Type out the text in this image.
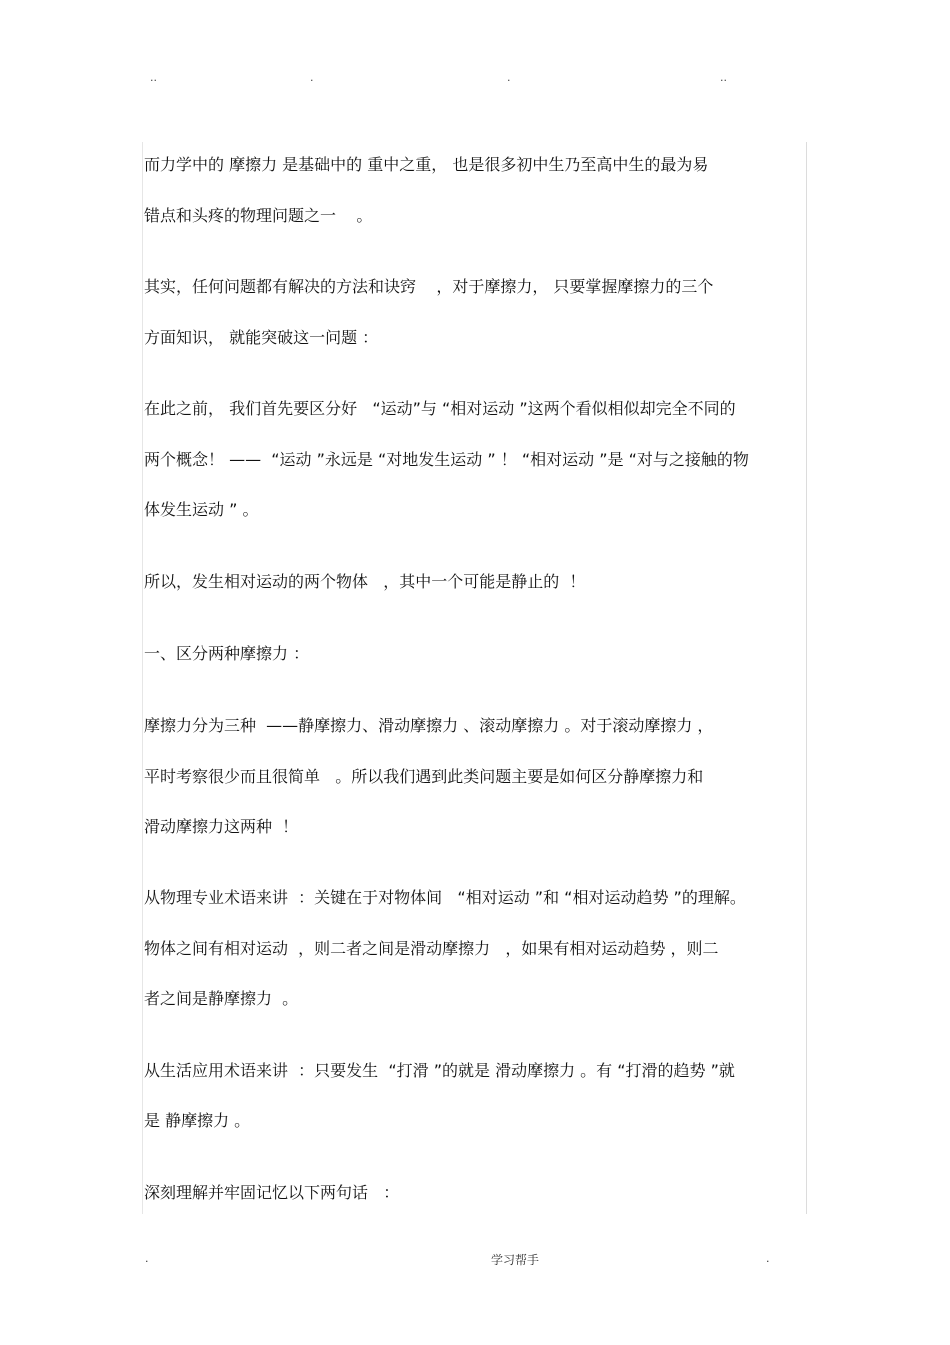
..	.	.	..
而力学中的 摩擦力 是基础中的 重中之重， 也是很多初中生乃至高中生的最为易
错点和头疼的物理问题之一    。
其实，任何问题都有解决的方法和诀窍    ，对于摩擦力， 只要掌握摩擦力的三个
方面知识， 就能突破这一问题 ：
在此之前， 我们首先要区分好   “运动”与 “相对运动 ”这两个看似相似却完全不同的
两个概念！ ——  “运动 ”永远是 “对地发生运动 ” ！ “相对运动 ”是 “对与之接触的物
体发生运动 ” 。
所以，发生相对运动的两个物体   ，其中一个可能是静止的  ！
一、区分两种摩擦力 ：
摩擦力分为三种  ——静摩擦力、滑动摩擦力 、滚动摩擦力 。对于滚动摩擦力 ，
平时考察很少而且很简单   。所以我们遇到此类问题主要是如何区分静摩擦力和
滑动摩擦力这两种  ！
从物理专业术语来讲  ：关键在于对物体间   “相对运动 ”和 “相对运动趋势 ”的理解。
物体之间有相对运动  ，则二者之间是滑动摩擦力   ，如果有相对运动趋势 ，则二
者之间是静摩擦力  。
从生活应用术语来讲  ：只要发生  “打滑 ”的就是 滑动摩擦力 。有 “打滑的趋势 ”就
是 静摩擦力 。
深刻理解并牢固记忆以下两句话   ：
.	学习帮手	.
